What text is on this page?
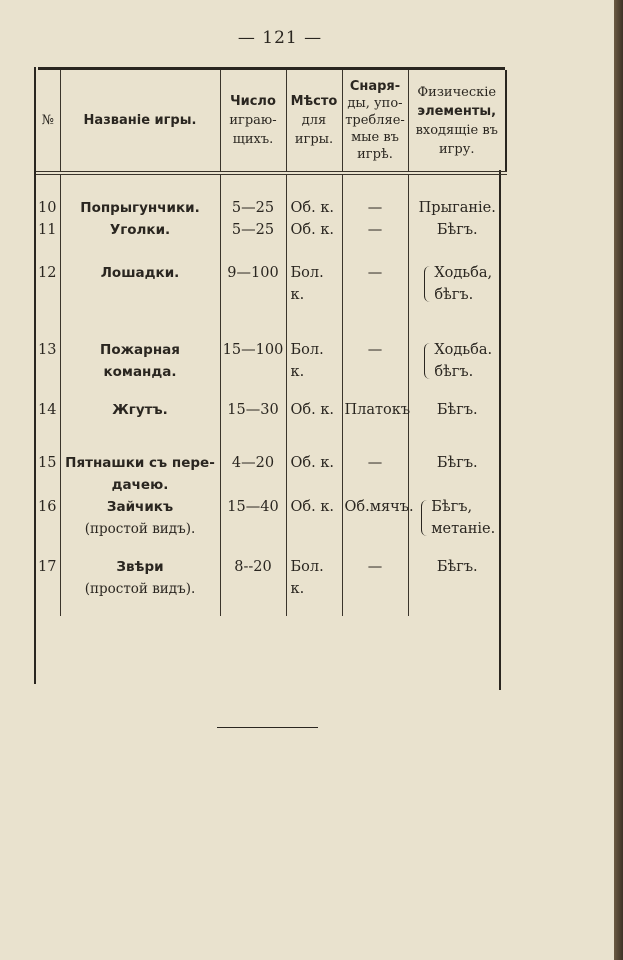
— 121 —
№	Названіе игры.	Число
играю-
щихъ.	Мѣсто
для
игры.	Снаря-
ды, упо-
требляе-
мые въ
игрѣ.	Физическіе
элементы,
входящіе въ
игру.

10	Попрыгунчики.	5—25	Об. к.	—	Прыганіе.

11	Уголки.	5—25	Об. к.	—	Бѣгъ.

12	Лошадки.	9—100	Бол. к.	—	Ходьба,
бѣгъ.

13	Пожарная команда.	15—100	Бол. к.	—	Ходьба.
бѣгъ.

14	Жгутъ.	15—30	Об. к.	Платокъ	Бѣгъ.

15	Пятнашки съ пере-дачею.	4—20	Об. к.	—	Бѣгъ.

16	Зайчикъ
(простой видъ).	15—40	Об. к.	Об.мячъ.	Бѣгъ,
метаніе.

17	Звѣри
(простой видъ).	8--20	Бол. к.	—	Бѣгъ.
